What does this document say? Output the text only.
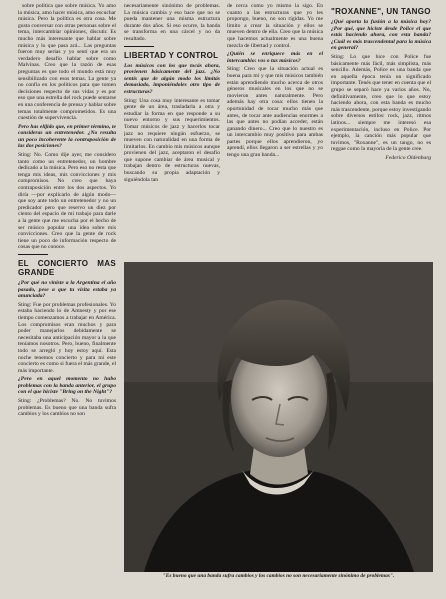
sobre política que sobre música. Yo amo la música, amo hacer música, amo escuchar música. Pero la política es otra cosa. Me gusta conversar con otras personas sobre el tema, intercambiar opiniones, discutir. Es mucho más interesante que hablar sobre música y lo que pasa acá... Las preguntas fueron muy serias y yo sentí que era un verdadero desafío hablar sobre como Malvinas. Creo que la razón de esas preguntas es que todo el mundo está muy sensibilizado con esos temas. La gente ya no confía en los políticos para que tomen decisiones respecto de sus vidas y es por eso que una estrella del rock puede sentarse en una conferencia de prensa y hablar sobre temas totalmente comprometidos. Es una cuestión de supervivencia.

Pero has elijido que, en primer término, te consideras un entretenedor. ¿No resulta un poco incoherente la contraposición de las dos posiciones?

Sting: No. Como dije ayer, me considero tanto como un entretenedor, un hombre dedicado a la música. Pero eso no resta que tenga mis ideas, mis convicciones y mis compromisos. No creo que haya contraposición entre los dos aspectos. Yo diría —por explicarlo de algún modo— que soy ante todo un entretenedor y no un predicador pero que reservo un diez por ciento del espacio de mi trabajo para darle a la gente que me escucha por el hecho de ser músico popular una idea sobre mis convicciones. Creo que la gente de rock tiene un poco de información respecto de cosas que no conoce.

EL CONCIERTO MAS GRANDE

¿Por qué no viniste a la Argentina el año pasado, pese a que tu visita estaba ya anunciada?

Sting: Fue por problemas profesionales. Yo estaba haciendo lo de Amnesty y por ese tiempo comenzamos a trabajar en América. Los compromisos eran muchos y para poder manejarlos debidamente se necesitaba una anticipación mayor a la que teníamos nosotros. Pero, bueno, finalmente todo se arregló y hoy estoy aquí. Esta noche tenemos concierto y para mí este concierto es como si fuera el más grande, el más importante.

¿Pero en aquel momento no hubo problemas con la banda anterior, el grupo con el que hiciste "Bring on the Night"?

Sting: ¿Problemas? No. No tuvimos problemas. Es bueno que una banda sufra cambios y los cambios no son

necesariamente sinónimo de problemas. La música cambia y eso hace que no se pueda mantener una misma estructura durante dos años. Si eso ocurre, la banda se transforma en una cárcel y no da resultado.

LIBERTAD Y CONTROL

Los músicos con los que tocás ahora, provienen básicamente del jazz. ¿No sentís que de algún modo los limitás demasiado, imponiéndoles otro tipo de estructuras?

Sting: Una cosa muy interesante es tomar gente de un área, trasladarla a otra y estudiar la forma en que responde a su nuevo entorno y sus requerimientos. Tomar músicos de jazz y hacerlos tocar jazz no requiere ningún esfuerzo, se mueven con naturalidad en una forma de limitarlos. En cambio mis músicos aunque provienen del jazz, aceptaron el desafío que supone cambiar de área musical y trabajan dentro de estructuras nuevas, buscando su propia adaptación y siguiéndola tan

de cerca como yo mismo la sigo. En cuanto a las estructuras que yo les propongo, bueno, no son rígidas. Yo me limito a crear la situación y ellos se mueven dentro de ella. Creo que la música que hacemos actualmente es una buena mezcla de libertad y control.

¿Quién se enriquece más en el intercambio: vos o tus músicos?

Sting: Creo que la situación actual es buena para mí y que mis músicos también están aprendiendo mucho acerca de otros géneros musicales en los que no se movieron antes naturalmente. Pero además hay otra cosa: ellos tienen la oportunidad de tocar mucho más que antes, de tocar ante audiencias enormes a las que antes no podían acceder, están ganando dinero... Creo que lo nuestro es un intercambio muy positivo para ambas partes porque ellos aprendieron, yo aprendí, ellos llegaron a ser estrellas y yo tengo una gran banda...

"ROXANNE", UN TANGO

¿Qué aporta la fusión a la música hoy? ¿Por qué, que hiciste desde Police el que estás haciendo ahora, con esta banda? ¿Cuál es más trascendental para la música en general?

Sting: Lo que hice con Police fue básicamente más fácil, más simplista, más sencillo. Además, Police es una banda que en aquella época tenía un significado importante. Tenés que tener en cuenta que el grupo se separó hace ya varios años. No, definitivamente, creo que lo que estoy haciendo ahora, con esta banda es mucho más trascendente, porque estoy investigando sobre diversos estilos: rock, jazz, ritmos latinos... siempre me interesó esa experimentación, incluso en Police. Por ejemplo, la canción más popular que tuvimos, "Roxanne", es un tango, no es reggae como la mayoría de la gente cree.

Federico Oldenburg

"Es bueno que una banda sufra cambios y los cambios no son necesariamente sinónimo de problemas".
